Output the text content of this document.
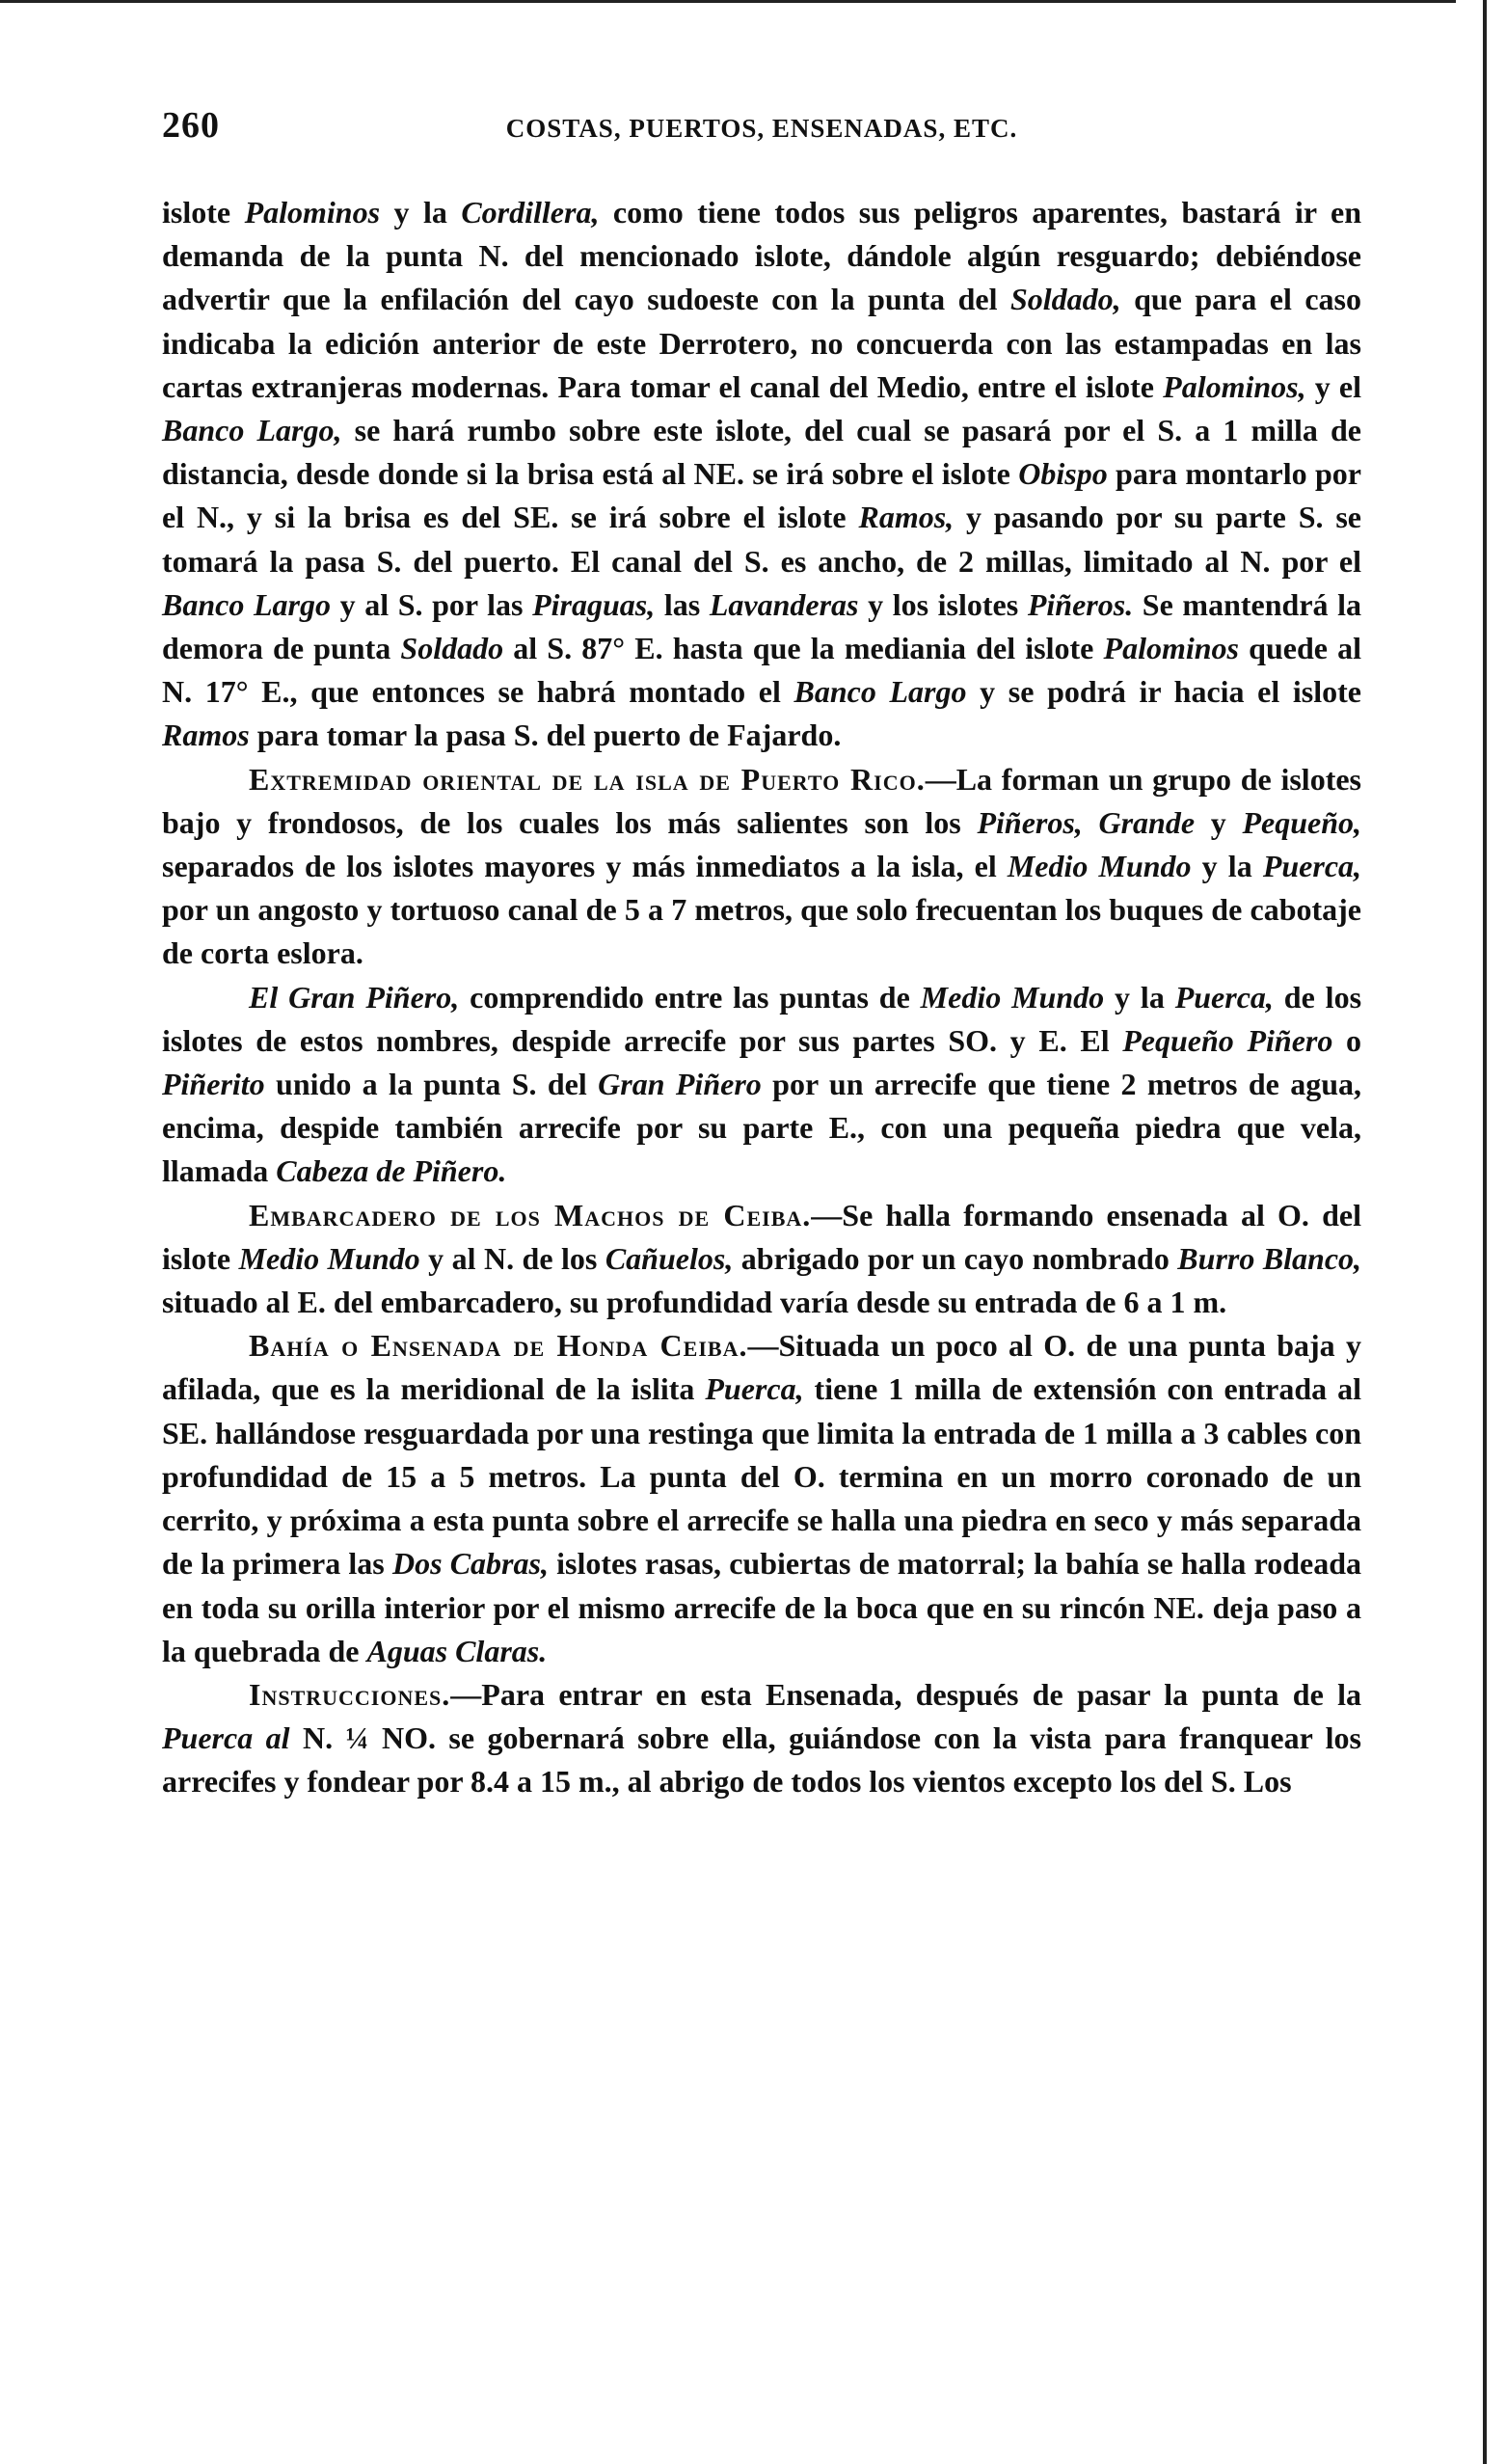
260	COSTAS, PUERTOS, ENSENADAS, ETC.

islote Palominos y la Cordillera, como tiene todos sus peligros aparentes, bastará ir en demanda de la punta N. del mencionado islote, dándole algún resguardo; debiéndose advertir que la enfilación del cayo sudoeste con la punta del Soldado, que para el caso indicaba la edición anterior de este Derrotero, no concuerda con las estampadas en las cartas extranjeras modernas. Para tomar el canal del Medio, entre el islote Palominos, y el Banco Largo, se hará rumbo sobre este islote, del cual se pasará por el S. a 1 milla de distancia, desde donde si la brisa está al NE. se irá sobre el islote Obispo para montarlo por el N., y si la brisa es del SE. se irá sobre el islote Ramos, y pasando por su parte S. se tomará la pasa S. del puerto. El canal del S. es ancho, de 2 millas, limitado al N. por el Banco Largo y al S. por las Piraguas, las Lavanderas y los islotes Piñeros. Se mantendrá la demora de punta Soldado al S. 87° E. hasta que la mediania del islote Palominos quede al N. 17° E., que entonces se habrá montado el Banco Largo y se podrá ir hacia el islote Ramos para tomar la pasa S. del puerto de Fajardo.

Extremidad oriental de la isla de Puerto Rico.—La forman un grupo de islotes bajo y frondosos, de los cuales los más salientes son los Piñeros, Grande y Pequeño, separados de los islotes mayores y más inmediatos a la isla, el Medio Mundo y la Puerca, por un angosto y tortuoso canal de 5 a 7 metros, que solo frecuentan los buques de cabotaje de corta eslora.

El Gran Piñero, comprendido entre las puntas de Medio Mundo y la Puerca, de los islotes de estos nombres, despide arrecife por sus partes SO. y E. El Pequeño Piñero o Piñerito unido a la punta S. del Gran Piñero por un arrecife que tiene 2 metros de agua, encima, despide también arrecife por su parte E., con una pequeña piedra que vela, llamada Cabeza de Piñero.

Embarcadero de los Machos de Ceiba.—Se halla formando ensenada al O. del islote Medio Mundo y al N. de los Cañuelos, abrigado por un cayo nombrado Burro Blanco, situado al E. del embarcadero, su profundidad varía desde su entrada de 6 a 1 m.

Bahía o Ensenada de Honda Ceiba.—Situada un poco al O. de una punta baja y afilada, que es la meridional de la islita Puerca, tiene 1 milla de extensión con entrada al SE. hallándose resguardada por una restinga que limita la entrada de 1 milla a 3 cables con profundidad de 15 a 5 metros. La punta del O. termina en un morro coronado de un cerrito, y próxima a esta punta sobre el arrecife se halla una piedra en seco y más separada de la primera las Dos Cabras, islotes rasas, cubiertas de matorral; la bahía se halla rodeada en toda su orilla interior por el mismo arrecife de la boca que en su rincón NE. deja paso a la quebrada de Aguas Claras.

Instrucciones.—Para entrar en esta Ensenada, después de pasar la punta de la Puerca al N. ¼ NO. se gobernará sobre ella, guiándose con la vista para franquear los arrecifes y fondear por 8.4 a 15 m., al abrigo de todos los vientos excepto los del S. Los
